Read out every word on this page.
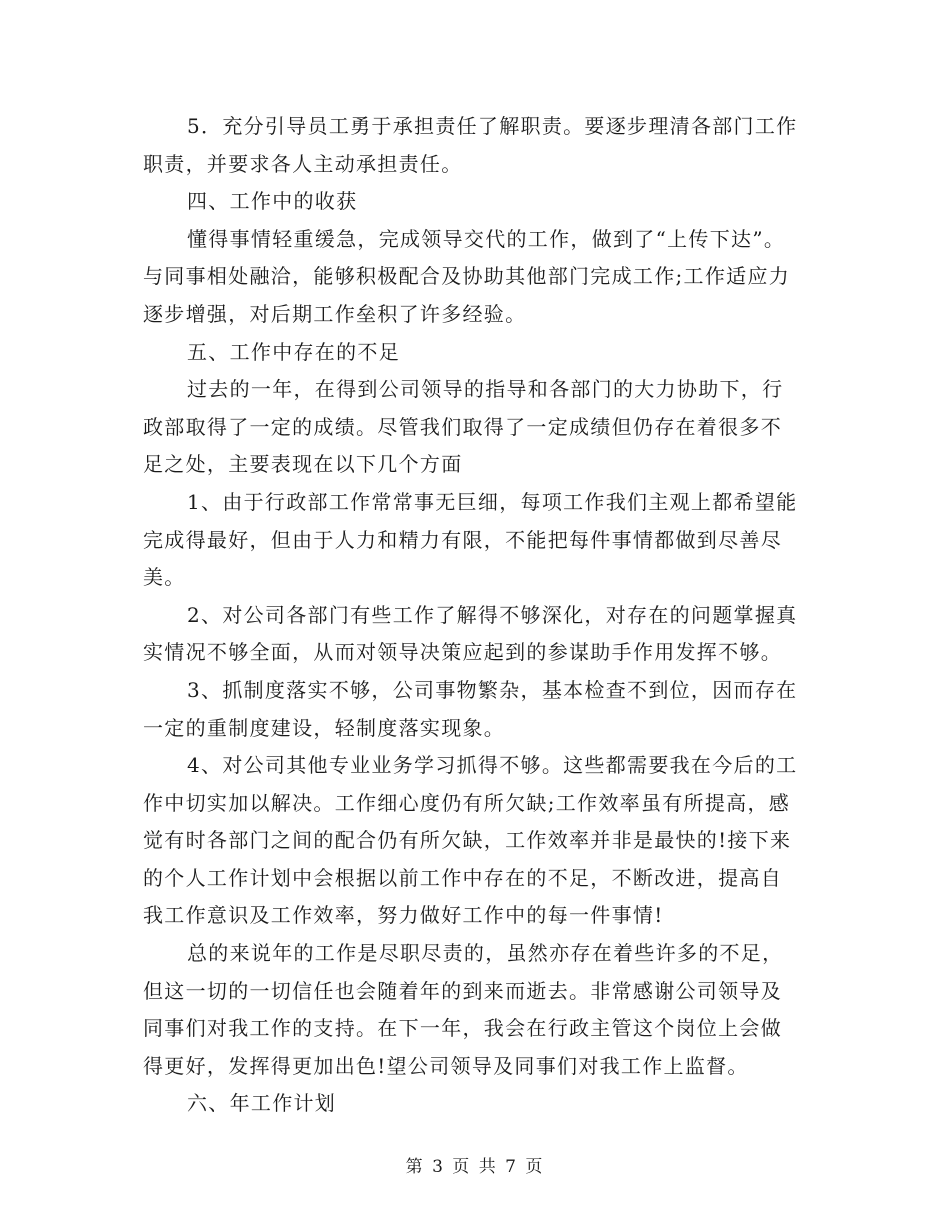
5．充分引导员工勇于承担责任了解职责。要逐步理清各部门工作
职责，并要求各人主动承担责任。
四、工作中的收获
懂得事情轻重缓急，完成领导交代的工作，做到了“上传下达”。
与同事相处融洽，能够积极配合及协助其他部门完成工作;工作适应力
逐步增强，对后期工作垒积了许多经验。
五、工作中存在的不足
过去的一年，在得到公司领导的指导和各部门的大力协助下，行
政部取得了一定的成绩。尽管我们取得了一定成绩但仍存在着很多不
足之处，主要表现在以下几个方面
1、由于行政部工作常常事无巨细，每项工作我们主观上都希望能
完成得最好，但由于人力和精力有限，不能把每件事情都做到尽善尽
美。
2、对公司各部门有些工作了解得不够深化，对存在的问题掌握真
实情况不够全面，从而对领导决策应起到的参谋助手作用发挥不够。
3、抓制度落实不够，公司事物繁杂，基本检查不到位，因而存在
一定的重制度建设，轻制度落实现象。
4、对公司其他专业业务学习抓得不够。这些都需要我在今后的工
作中切实加以解决。工作细心度仍有所欠缺;工作效率虽有所提高，感
觉有时各部门之间的配合仍有所欠缺，工作效率并非是最快的!接下来
的个人工作计划中会根据以前工作中存在的不足，不断改进，提高自
我工作意识及工作效率，努力做好工作中的每一件事情!
总的来说年的工作是尽职尽责的，虽然亦存在着些许多的不足，
但这一切的一切信任也会随着年的到来而逝去。非常感谢公司领导及
同事们对我工作的支持。在下一年，我会在行政主管这个岗位上会做
得更好，发挥得更加出色!望公司领导及同事们对我工作上监督。
六、年工作计划
第 3 页 共 7 页
